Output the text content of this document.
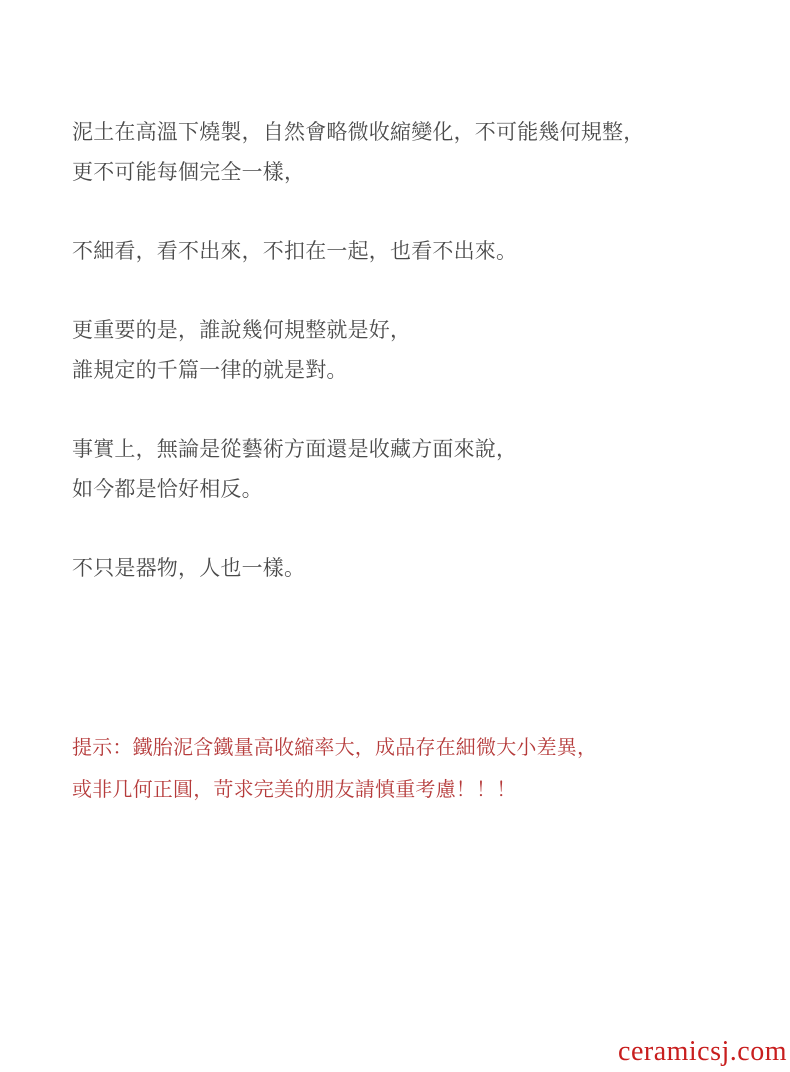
泥土在高溫下燒製，自然會略微收縮變化，不可能幾何規整，
更不可能每個完全一樣，
不細看，看不出來，不扣在一起，也看不出來。
更重要的是，誰說幾何規整就是好，
誰規定的千篇一律的就是對。
事實上，無論是從藝術方面還是收藏方面來說，
如今都是恰好相反。
不只是器物，人也一樣。
提示：鐵胎泥含鐵量高收縮率大，成品存在細微大小差異，
或非几何正圓，苛求完美的朋友請慎重考慮！！！
ceramicsj.com
